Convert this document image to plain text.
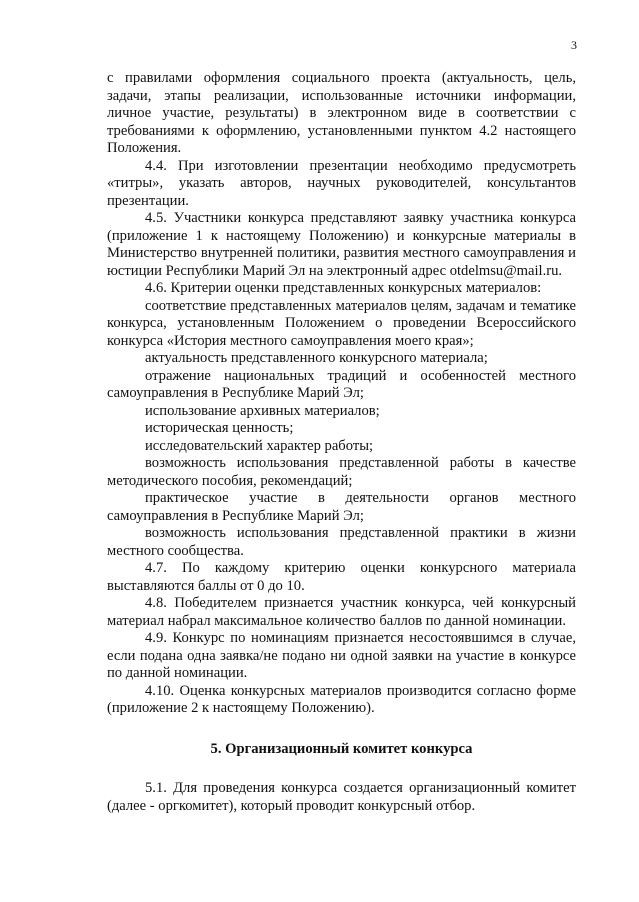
3

с правилами оформления социального проекта (актуальность, цель, задачи, этапы реализации, использованные источники информации, личное участие, результаты) в электронном виде в соответствии с требованиями к оформлению, установленными пунктом 4.2 настоящего Положения.

4.4. При изготовлении презентации необходимо предусмотреть «титры», указать авторов, научных руководителей, консультантов презентации.

4.5. Участники конкурса представляют заявку участника конкурса (приложение 1 к настоящему Положению) и конкурсные материалы в Министерство внутренней политики, развития местного самоуправления и юстиции Республики Марий Эл на электронный адрес otdelmsu@mail.ru.

4.6. Критерии оценки представленных конкурсных материалов:

соответствие представленных материалов целям, задачам и тематике конкурса, установленным Положением о проведении Всероссийского конкурса «История местного самоуправления моего края»;

актуальность представленного конкурсного материала;

отражение национальных традиций и особенностей местного самоуправления в Республике Марий Эл;

использование архивных материалов;

историческая ценность;

исследовательский характер работы;

возможность использования представленной работы в качестве методического пособия, рекомендаций;

практическое участие в деятельности органов местного самоуправления в Республике Марий Эл;

возможность использования представленной практики в жизни местного сообщества.

4.7. По каждому критерию оценки конкурсного материала выставляются баллы от 0 до 10.

4.8. Победителем признается участник конкурса, чей конкурсный материал набрал максимальное количество баллов по данной номинации.

4.9. Конкурс по номинациям признается несостоявшимся в случае, если подана одна заявка/не подано ни одной заявки на участие в конкурсе по данной номинации.

4.10. Оценка конкурсных материалов производится согласно форме (приложение 2 к настоящему Положению).

5. Организационный комитет конкурса

5.1. Для проведения конкурса создается организационный комитет (далее - оргкомитет), который проводит конкурсный отбор.
